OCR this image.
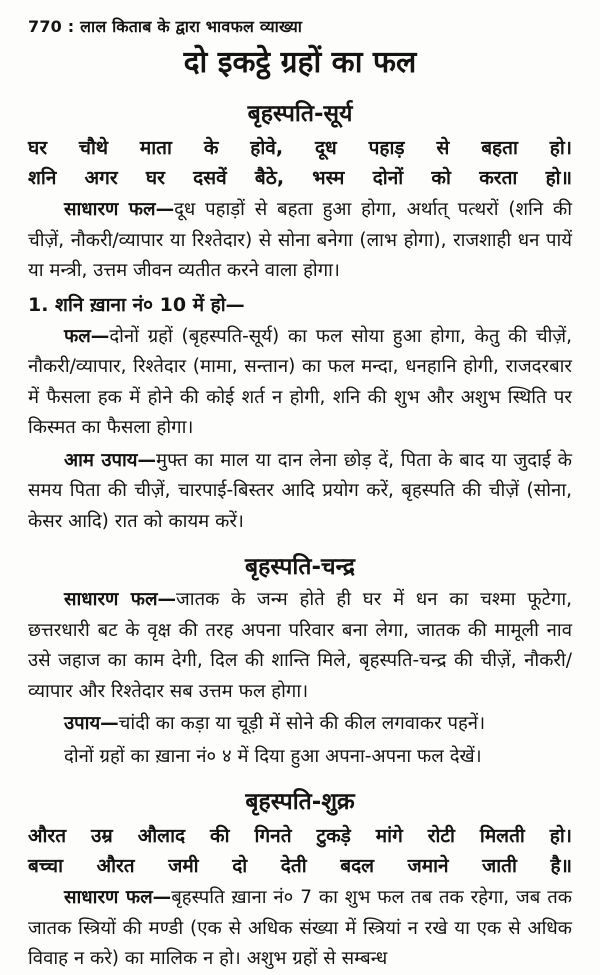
770 : लाल किताब के द्वारा भावफल व्याख्या
दो इकट्ठे ग्रहों का फल
बृहस्पति-सूर्य
घर चौथे माता के होवे, दूध पहाड़ से बहता हो।
शनि अगर घर दसवें बैठे, भस्म दोनों को करता हो॥

साधारण फल—दूध पहाड़ों से बहता हुआ होगा, अर्थात् पत्थरों (शनि की चीज़ें, नौकरी/व्यापार या रिश्तेदार) से सोना बनेगा (लाभ होगा), राजशाही धन पायें या मन्त्री, उत्तम जीवन व्यतीत करने वाला होगा।

1. शनि ख़ाना नं० 10 में हो—

फल—दोनों ग्रहों (बृहस्पति-सूर्य) का फल सोया हुआ होगा, केतु की चीज़ें, नौकरी/व्यापार, रिश्तेदार (मामा, सन्तान) का फल मन्दा, धनहानि होगी, राजदरबार में फैसला हक में होने की कोई शर्त न होगी, शनि की शुभ और अशुभ स्थिति पर किस्मत का फैसला होगा।

आम उपाय—मुफ्त का माल या दान लेना छोड़ दें, पिता के बाद या जुदाई के समय पिता की चीज़ें, चारपाई-बिस्तर आदि प्रयोग करें, बृहस्पति की चीज़ें (सोना, केसर आदि) रात को कायम करें।

बृहस्पति-चन्द्र

साधारण फल—जातक के जन्म होते ही घर में धन का चश्मा फूटेगा, छत्तरधारी बट के वृक्ष की तरह अपना परिवार बना लेगा, जातक की मामूली नाव उसे जहाज का काम देगी, दिल की शान्ति मिले, बृहस्पति-चन्द्र की चीज़ें, नौकरी/व्यापार और रिश्तेदार सब उत्तम फल होगा।

उपाय—चांदी का कड़ा या चूड़ी में सोने की कील लगवाकर पहनें।

दोनों ग्रहों का ख़ाना नं० ४ में दिया हुआ अपना-अपना फल देखें।

बृहस्पति-शुक्र
औरत उम्र औलाद की गिनते टुकड़े मांगे रोटी मिलती हो।
बच्चा औरत जमी दो देती बदल जमाने जाती है॥

साधारण फल—बृहस्पति ख़ाना नं० 7 का शुभ फल तब तक रहेगा, जब तक जातक स्त्रियों की मण्डी (एक से अधिक संख्या में स्त्रियां न रखे या एक से अधिक विवाह न करे) का मालिक न हो। अशुभ ग्रहों से सम्बन्ध
